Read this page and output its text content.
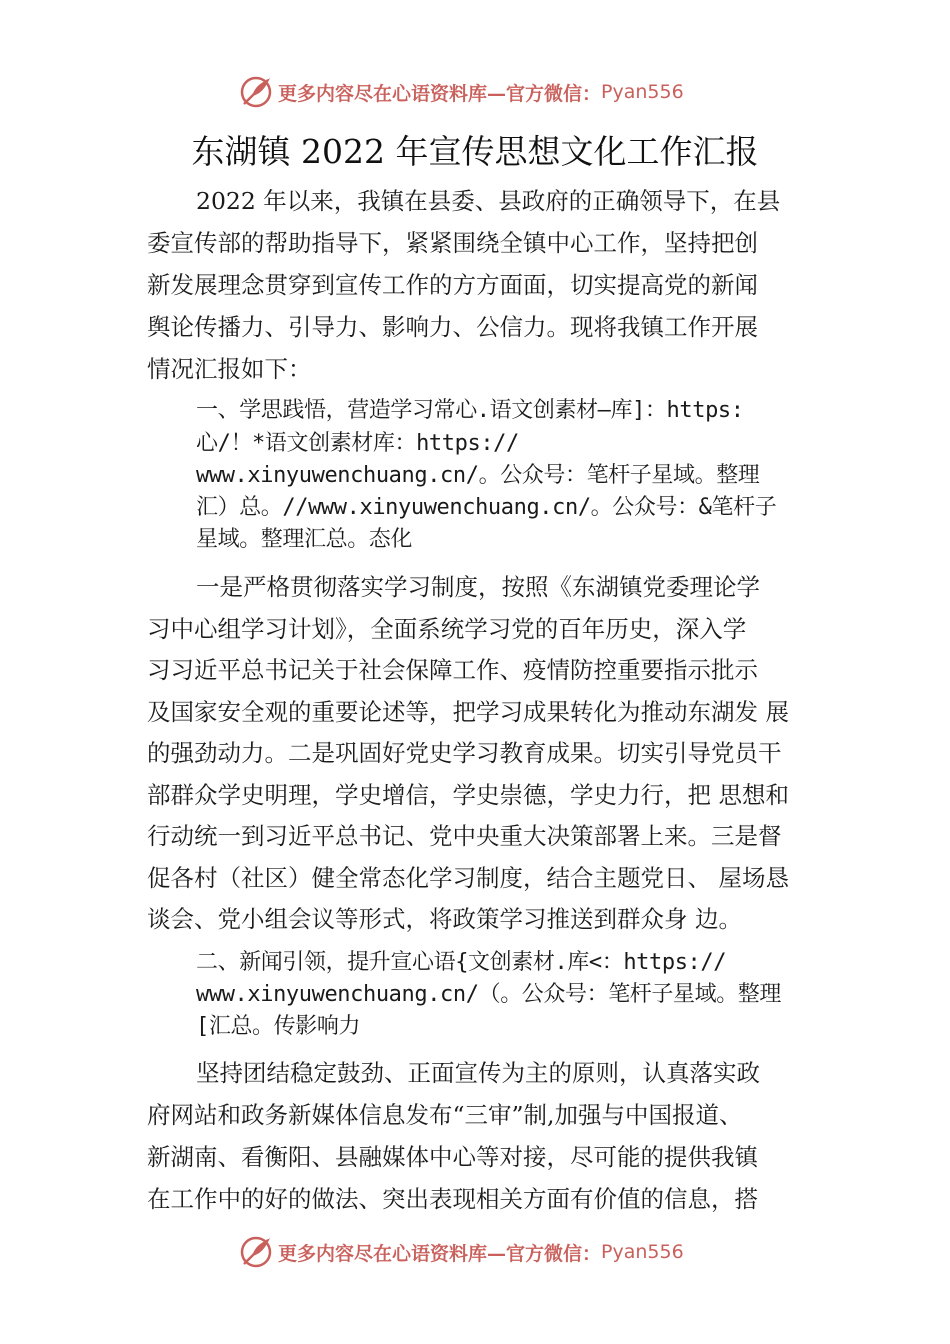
更多内容尽在心语资料库—官方微信： Pyan556
东湖镇 2022 年宣传思想文化工作汇报
2022 年以来，我镇在县委、县政府的正确领导下，在县
委宣传部的帮助指导下，紧紧围绕全镇中心工作，坚持把创
新发展理念贯穿到宣传工作的方方面面，切实提高党的新闻
舆论传播力、引导力、影响力、公信力。现将我镇工作开展
情况汇报如下：
一、学思践悟，营造学习常心.语文创素材—库]：https:
心/！*语文创素材库：https://
www.xinyuwenchuang.cn/。公众号：笔杆子星域。整理
汇）总。//www.xinyuwenchuang.cn/。公众号：&笔杆子
星域。整理汇总。态化
一是严格贯彻落实学习制度，按照《东湖镇党委理论学
习中心组学习计划》，全面系统学习党的百年历史，深入学
习习近平总书记关于社会保障工作、疫情防控重要指示批示
及国家安全观的重要论述等，把学习成果转化为推动东湖发 展
的强劲动力。二是巩固好党史学习教育成果。切实引导党员干
部群众学史明理，学史增信，学史崇德，学史力行，把 思想和
行动统一到习近平总书记、党中央重大决策部署上来。三是督
促各村（社区）健全常态化学习制度，结合主题党日、 屋场恳
谈会、党小组会议等形式，将政策学习推送到群众身 边。
二、新闻引领，提升宣心语{文创素材.库<：https://
www.xinyuwenchuang.cn/（。公众号：笔杆子星域。整理
[汇总。传影响力
坚持团结稳定鼓劲、正面宣传为主的原则，认真落实政
府网站和政务新媒体信息发布“三审”制,加强与中国报道、
新湖南、看衡阳、县融媒体中心等对接，尽可能的提供我镇
在工作中的好的做法、突出表现相关方面有价值的信息，搭
更多内容尽在心语资料库—官方微信： Pyan556
